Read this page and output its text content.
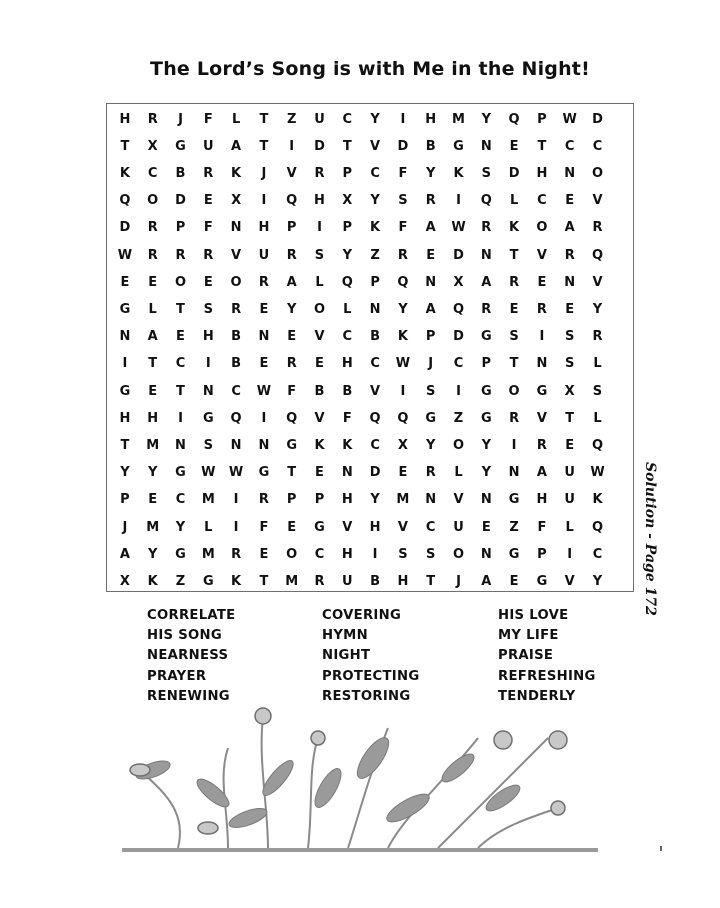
The Lord’s Song is with Me in the Night!
H	R	J	F	L	T	Z	U	C	Y	I	H	M	Y	Q	P	W	D
T	X	G	U	A	T	I	D	T	V	D	B	G	N	E	T	C	C
K	C	B	R	K	J	V	R	P	C	F	Y	K	S	D	H	N	O
Q	O	D	E	X	I	Q	H	X	Y	S	R	I	Q	L	C	E	V
D	R	P	F	N	H	P	I	P	K	F	A	W	R	K	O	A	R
W	R	R	R	V	U	R	S	Y	Z	R	E	D	N	T	V	R	Q
E	E	O	E	O	R	A	L	Q	P	Q	N	X	A	R	E	N	V
G	L	T	S	R	E	Y	O	L	N	Y	A	Q	R	E	R	E	Y
N	A	E	H	B	N	E	V	C	B	K	P	D	G	S	I	S	R
I	T	C	I	B	E	R	E	H	C	W	J	C	P	T	N	S	L
G	E	T	N	C	W	F	B	B	V	I	S	I	G	O	G	X	S
H	H	I	G	Q	I	Q	V	F	Q	Q	G	Z	G	R	V	T	L
T	M	N	S	N	N	G	K	K	C	X	Y	O	Y	I	R	E	Q
Y	Y	G	W	W	G	T	E	N	D	E	R	L	Y	N	A	U	W
P	E	C	M	I	R	P	P	H	Y	M	N	V	N	G	H	U	K
J	M	Y	L	I	F	E	G	V	H	V	C	U	E	Z	F	L	Q
A	Y	G	M	R	E	O	C	H	I	S	S	O	N	G	P	I	C
X	K	Z	G	K	T	M	R	U	B	H	T	J	A	E	G	V	Y	Solution - Page 172
CORRELATE
HIS SONG
NEARNESS
PRAYER
RENEWING
COVERING
HYMN
NIGHT
PROTECTING
RESTORING
HIS LOVE
MY LIFE
PRAISE
REFRESHING
TENDERLY
